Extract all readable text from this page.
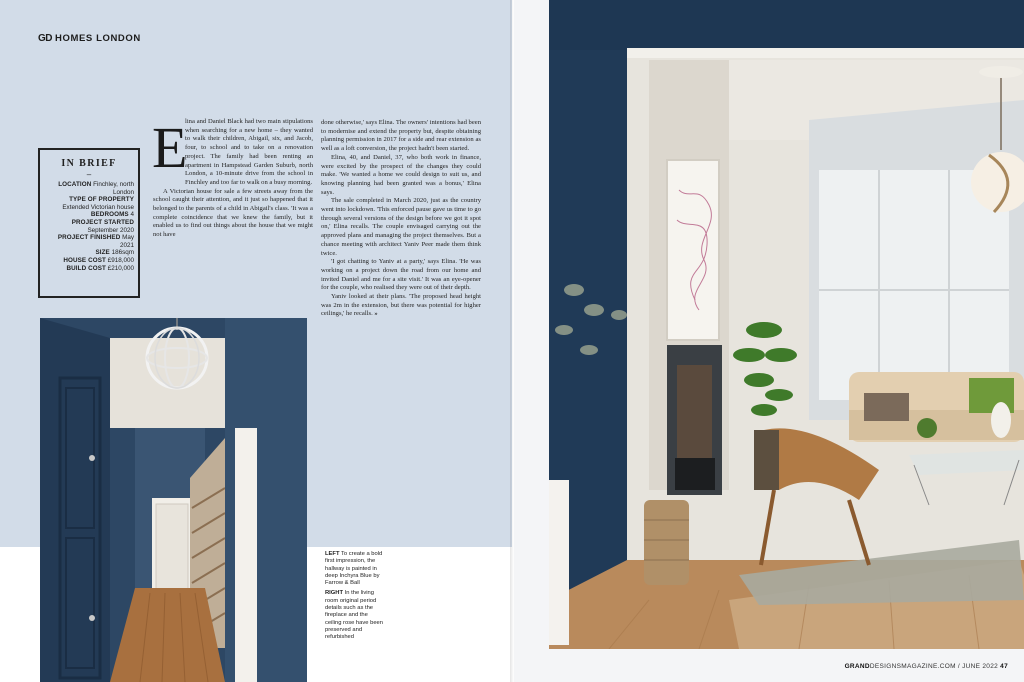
GD HOMES LONDON
IN BRIEF
–
LOCATION Finchley, north London
TYPE OF PROPERTY
Extended Victorian house
BEDROOMS 4
PROJECT STARTED
September 2020
PROJECT FINISHED May 2021
SIZE 186sqm
HOUSE COST £918,000
BUILD COST £210,000
E

lina and Daniel Black had two main stipulations when searching for a new home – they wanted to walk their children, Abigail, six, and Jacob, four, to school and to take on a renovation project. The family had been renting an apartment in Hampstead Garden Suburb, north London, a 10-minute drive from the school in Finchley and too far to walk on a busy morning.

A Victorian house for sale a few streets away from the school caught their attention, and it just so happened that it belonged to the parents of a child in Abigail's class. 'It was a complete coincidence that we knew the family, but it enabled us to find out things about the house that we might not have

done otherwise,' says Elina. The owners' intentions had been to modernise and extend the property but, despite obtaining planning permission in 2017 for a side and rear extension as well as a loft conversion, the project hadn't been started.

Elina, 40, and Daniel, 37, who both work in finance, were excited by the prospect of the changes they could make. 'We wanted a home we could design to suit us, and knowing planning had been granted was a bonus,' Elina says.

The sale completed in March 2020, just as the country went into lockdown. 'This enforced pause gave us time to go through several versions of the design before we got it spot on,' Elina recalls. The couple envisaged carrying out the approved plans and managing the project themselves. But a chance meeting with architect Yaniv Peer made them think twice.

'I got chatting to Yaniv at a party,' says Elina. 'He was working on a project down the road from our home and invited Daniel and me for a site visit.' It was an eye-opener for the couple, who realised they were out of their depth.

Yaniv looked at their plans. 'The proposed head height was 2m in the extension, but there was potential for higher ceilings,' he recalls. »

LEFT To create a bold first impression, the hallway is painted in deep Inchyra Blue by Farrow & Ball

RIGHT In the living room original period details such as the fireplace and the ceiling rose have been preserved and refurbished

GRANDDESIGNSMAGAZINE.COM / JUNE 2022 47
